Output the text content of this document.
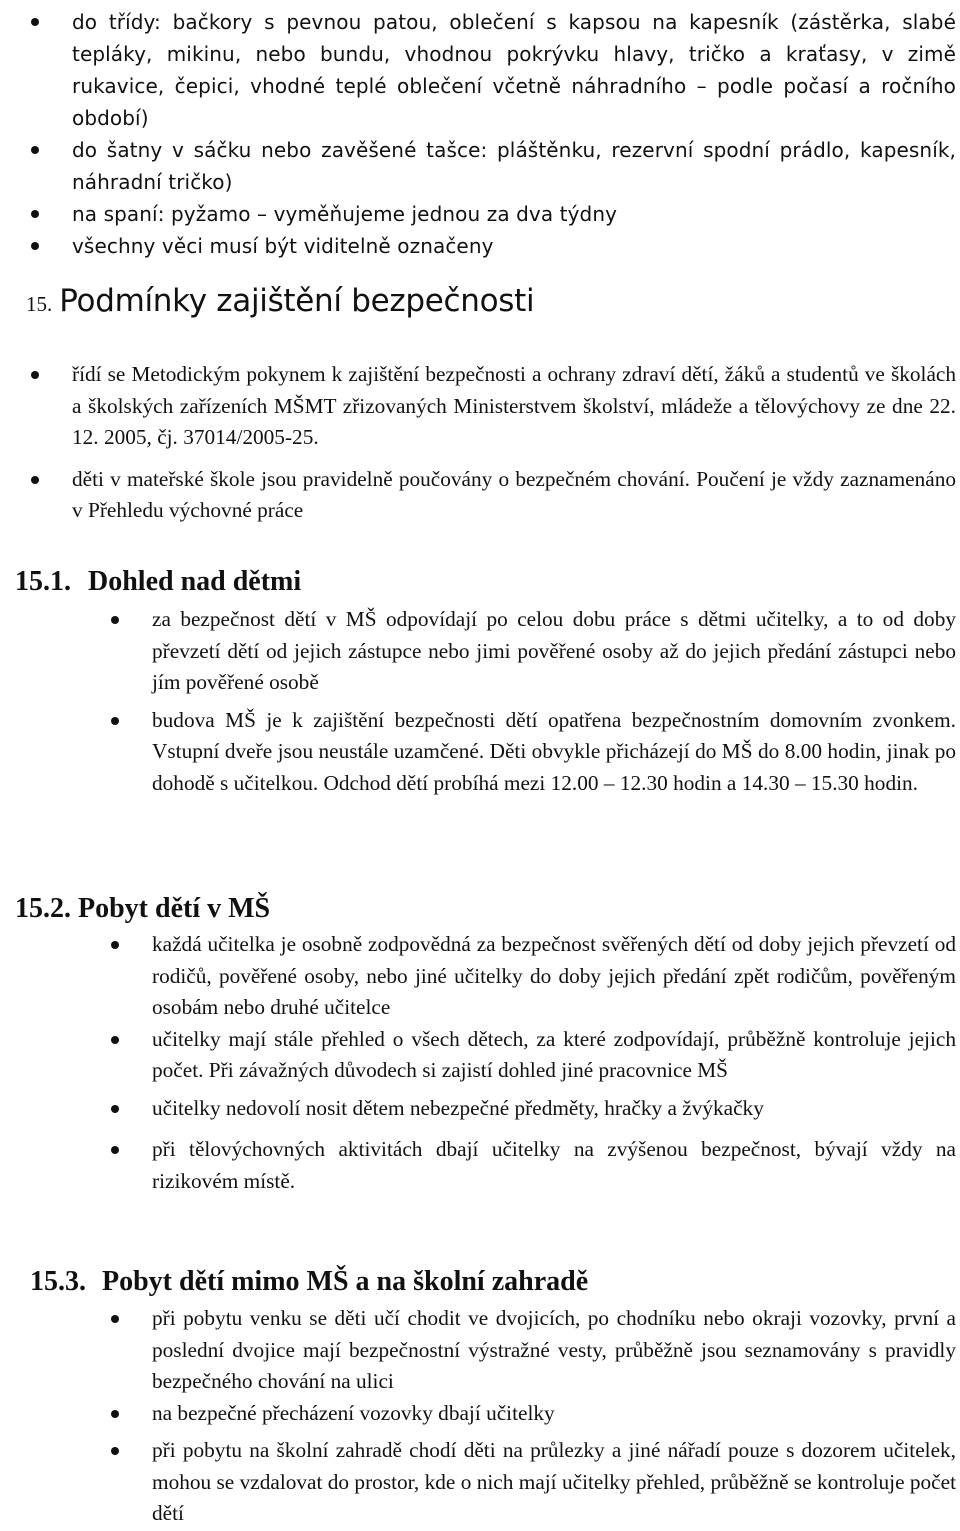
do třídy: bačkory s pevnou patou, oblečení s kapsou na kapesník (zástěrka, slabé tepláky, mikinu, nebo bundu, vhodnou pokrývku hlavy, tričko a kraťasy, v zimě rukavice, čepici, vhodné teplé oblečení včetně náhradního – podle počasí a ročního období)
do šatny v sáčku nebo zavěšené tašce: pláštěnku, rezervní spodní prádlo, kapesník, náhradní tričko)
na spaní: pyžamo – vyměňujeme jednou za dva týdny
všechny věci musí být viditelně označeny
15. Podmínky zajištění bezpečnosti
řídí se Metodickým pokynem k zajištění bezpečnosti a ochrany zdraví dětí, žáků a studentů ve školách a školských zařízeních MŠMT zřizovaných Ministerstvem školství, mládeže a tělovýchovy ze dne 22. 12. 2005, čj. 37014/2005-25.
děti v mateřské škole jsou pravidelně poučovány o bezpečném chování. Poučení je vždy zaznamenáno v Přehledu výchovné práce
15.1. Dohled nad dětmi
za bezpečnost dětí v MŠ odpovídají po celou dobu práce s dětmi učitelky, a to od doby převzetí dětí od jejich zástupce nebo jimi pověřené osoby až do jejich předání zástupci nebo jím pověřené osobě
budova MŠ je k zajištění bezpečnosti dětí opatřena bezpečnostním domovním zvonkem. Vstupní dveře jsou neustále uzamčené. Děti obvykle přicházejí do MŠ do 8.00 hodin, jinak po dohodě s učitelkou. Odchod dětí probíhá mezi 12.00 – 12.30 hodin a 14.30 – 15.30 hodin.
15.2. Pobyt dětí v MŠ
každá učitelka je osobně zodpovědná za bezpečnost svěřených dětí od doby jejich převzetí od rodičů, pověřené osoby, nebo jiné učitelky do doby jejich předání zpět rodičům, pověřeným osobám nebo druhé učitelce
učitelky mají stále přehled o všech dětech, za které zodpovídají, průběžně kontroluje jejich počet. Při závažných důvodech si zajistí dohled jiné pracovnice MŠ
učitelky nedovolí nosit dětem nebezpečné předměty, hračky a žvýkačky
při tělovýchovných aktivitách dbají učitelky na zvýšenou bezpečnost, bývají vždy na rizikovém místě.
15.3. Pobyt dětí mimo MŠ a na školní zahradě
při pobytu venku se děti učí chodit ve dvojicích, po chodníku nebo okraji vozovky, první a poslední dvojice mají bezpečnostní výstražné vesty, průběžně jsou seznamovány s pravidly bezpečného chování na ulici
na bezpečné přecházení vozovky dbají učitelky
při pobytu na školní zahradě chodí děti na průlezky a jiné nářadí pouze s dozorem učitelek, mohou se vzdalovat do prostor, kde o nich mají učitelky přehled, průběžně se kontroluje počet dětí
